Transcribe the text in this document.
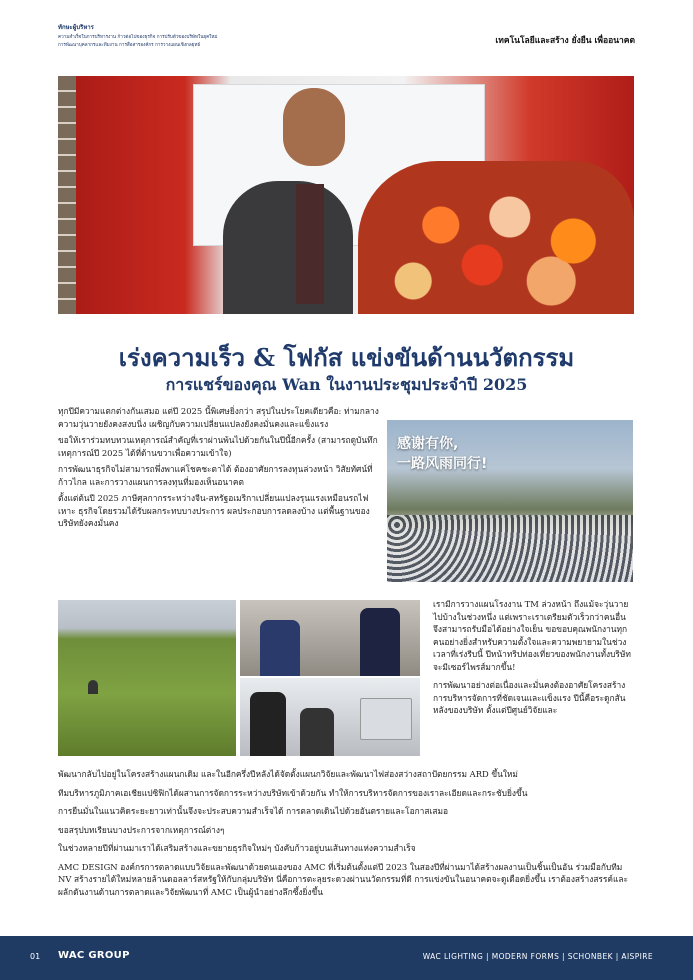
ทักษะผู้บริหาร
ความสำเร็จในการบริหารงาน ก้าวต่อไปของธุรกิจ การปรับตัวของบริษัทในยุคใหม่
การพัฒนาบุคลากรและทีมงาน การสื่อสารองค์กร การวางแผนเชิงกลยุทธ์	เทคโนโลยีและสร้าง ยั่งยืน เพื่ออนาคต
เร่งความเร็ว & โฟกัส แข่งขันด้านนวัตกรรม
การแชร์ของคุณ Wan ในงานประชุมประจำปี 2025
ทุกปีมีความแตกต่างกันเสมอ แต่ปี 2025 นี้พิเศษยิ่งกว่า สรุปในประโยคเดียวคือ: ท่ามกลางความวุ่นวายยังคงสงบนิ่ง เผชิญกับความเปลี่ยนแปลงยังคงมั่นคงและแข็งแรง
ขอให้เราร่วมทบทวนเหตุการณ์สำคัญที่เราผ่านพ้นไปด้วยกันในปีนี้อีกครั้ง (สามารถดูบันทึกเหตุการณ์ปี 2025 ได้ที่ด้านขวาเพื่อความเข้าใจ)
การพัฒนาธุรกิจไม่สามารถพึ่งพาแค่โชคชะตาได้ ต้องอาศัยการลงทุนล่วงหน้า วิสัยทัศน์ที่ก้าวไกล และการวางแผนการลงทุนที่มองเห็นอนาคต
ตั้งแต่ต้นปี 2025 ภาษีศุลกากรระหว่างจีน-สหรัฐอเมริกาเปลี่ยนแปลงรุนแรงเหมือนรถไฟเหาะ ธุรกิจโดยรวมได้รับผลกระทบบางประการ ผลประกอบการลดลงบ้าง แต่พื้นฐานของบริษัทยังคงมั่นคง
感谢有你,
一路风雨同行!
เรามีการวางแผนโรงงาน TM ล่วงหน้า ถึงแม้จะวุ่นวายไปบ้างในช่วงหนึ่ง แต่เพราะเราเตรียมตัวเร็วกว่าคนอื่น จึงสามารถรับมือได้อย่างใจเย็น ขอขอบคุณพนักงานทุกคนอย่างยิ่งสำหรับความตั้งใจและความพยายามในช่วงเวลาที่เร่งรีบนี้ ปีหน้าทริปท่องเที่ยวของพนักงานทั้งบริษัทจะมีเซอร์ไพรส์มากขึ้น!
การพัฒนาอย่างต่อเนื่องและมั่นคงต้องอาศัยโครงสร้างการบริหารจัดการที่ชัดเจนและแข็งแรง ปีนี้คือระดูกสันหลังของบริษัท ตั้งแต่ปีศูนย์วิจัยและ
พัฒนากลับไปอยู่ในโครงสร้างแผนกเดิม และในอีกครึ่งปีหลังได้จัดตั้งแผนกวิจัยและพัฒนาไฟส่องสว่างสถาปัตยกรรม ARD ขึ้นใหม่
ทีมบริหารภูมิภาคเอเชียแปซิฟิกได้ผสานการจัดการระหว่างบริษัทเข้าด้วยกัน ทำให้การบริหารจัดการของเราละเอียดและกระชับยิ่งขึ้น
การยืนมั่นในแนวคิดระยะยาวเท่านั้นจึงจะประสบความสำเร็จได้ การตลาดเดินไปด้วยอันตรายและโอกาสเสมอ
ขอสรุปบทเรียนบางประการจากเหตุการณ์ต่างๆ
ในช่วงหลายปีที่ผ่านมาเราได้เสริมสร้างและขยายธุรกิจใหม่ๆ บังคับก้าวอยู่บนเส้นทางแห่งความสำเร็จ
AMC DESIGN องค์กรการตลาดแบบวิจัยและพัฒนาด้วยตนเองของ AMC ที่เริ่มต้นตั้งแต่ปี 2023 ในสองปีที่ผ่านมาได้สร้างผลงานเป็นชิ้นเป็นอัน ร่วมมือกับทีม NV สร้างรายได้ใหม่หลายล้านดอลลาร์สหรัฐให้กับกลุ่มบริษัท นี่คือการตะลุยระดวงผ่านนวัตกรรมที่ดี การแข่งขันในอนาคตจะดูเดือดยิ่งขึ้น เราต้องสร้างสรรค์และผลักดันงานด้านการตลาดและวิจัยพัฒนาที่ AMC เป็นผู้นำอย่างลึกซึ้งยิ่งขึ้น
01 WAC GROUP	WAC LIGHTING | MODERN FORMS | SCHONBEK | AISPIRE
